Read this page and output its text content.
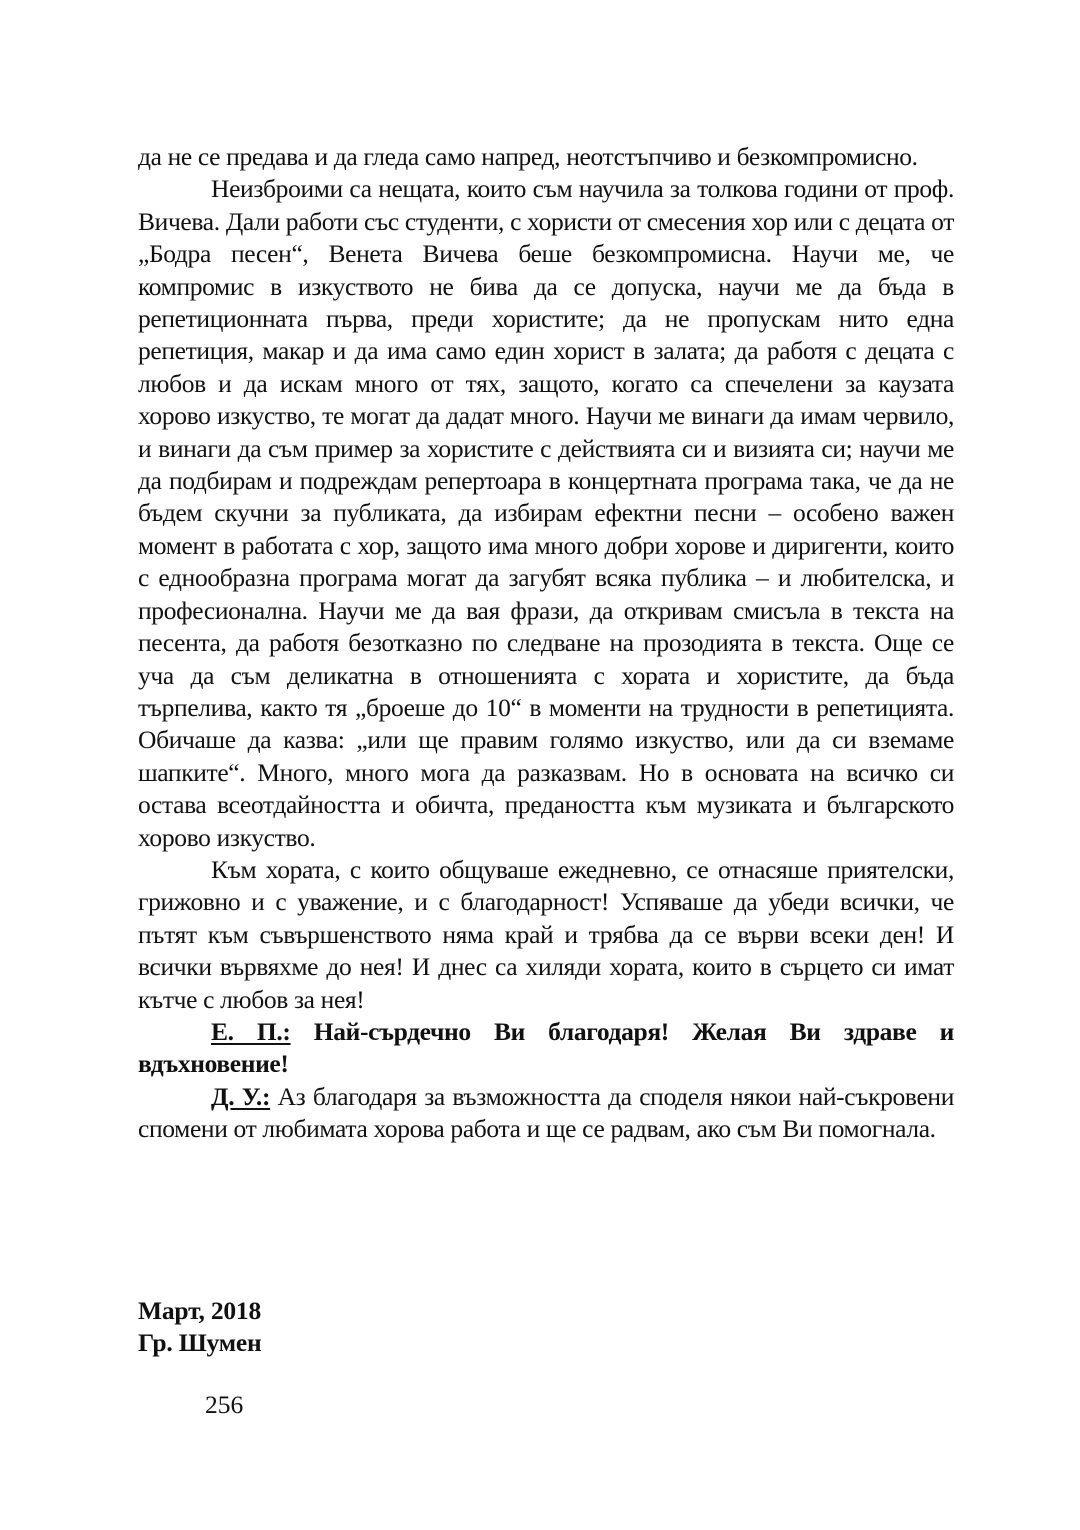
да не се предава и да гледа само напред, неотстъпчиво и безкомпромисно.

Неизброими са нещата, които съм научила за толкова години от проф. Вичева. Дали работи със студенти, с хористи от смесения хор или с децата от „Бодра песен“, Венета Вичева беше безкомпромисна. Научи ме, че компромис в изкуството не бива да се допуска, научи ме да бъда в репетиционната първа, преди хористите; да не пропускам нито една репетиция, макар и да има само един хорист в залата; да работя с децата с любов и да искам много от тях, защото, когато са спечелени за каузата хорово изкуство, те могат да дадат много. Научи ме винаги да имам червило, и винаги да съм пример за хористите с действията си и визията си; научи ме да подбирам и подреждам репертоара в концертната програма така, че да не бъдем скучни за публиката, да избирам ефектни песни – особено важен момент в работата с хор, защото има много добри хорове и диригенти, които с еднообразна програма могат да загубят всяка публика – и любителска, и професионална. Научи ме да вая фрази, да откривам смисъла в текста на песента, да работя безотказно по следване на прозодията в текста. Още се уча да съм деликатна в отношенията с хората и хористите, да бъда търпелива, както тя „броеше до 10“ в моменти на трудности в репетицията. Обичаше да казва: „или ще правим голямо изкуство, или да си вземаме шапките“. Много, много мога да разказвам. Но в основата на всичко си остава всеотдайността и обичта, предаността към музиката и българското хорово изкуство.

Към хората, с които общуваше ежедневно, се отнасяше приятелски, грижовно и с уважение, и с благодарност! Успяваше да убеди всички, че пътят към съвършенството няма край и трябва да се върви всеки ден! И всички вървяхме до нея! И днес са хиляди хората, които в сърцето си имат кътче с любов за нея!

Е. П.: Най-сърдечно Ви благодаря! Желая Ви здраве и вдъхновение!

Д. У.: Аз благодаря за възможността да споделя някои най-съкровени спомени от любимата хорова работа и ще се радвам, ако съм Ви помогнала.

Март, 2018
Гр. Шумен
256
